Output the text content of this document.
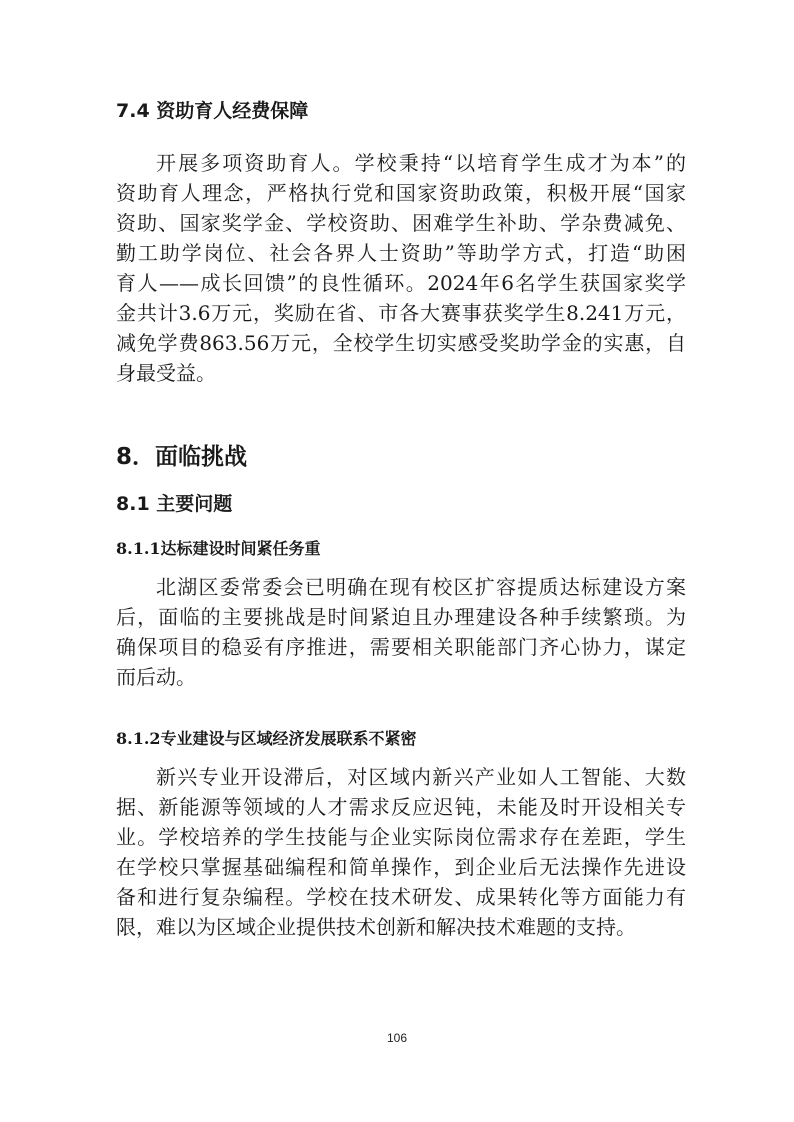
7.4 资助育人经费保障

开展多项资助育人。学校秉持“以培育学生成才为本”的
资助育人理念，严格执行党和国家资助政策，积极开展“国家
资助、国家奖学金、学校资助、困难学生补助、学杂费减免、
勤工助学岗位、社会各界人士资助”等助学方式，打造“助困
育人——成长回馈”的良性循环。2024年6名学生获国家奖学
金共计3.6万元，奖励在省、市各大赛事获奖学生8.241万元，
减免学费863.56万元，全校学生切实感受奖助学金的实惠，自
身最受益。

8．面临挑战
8.1 主要问题
8.1.1达标建设时间紧任务重

北湖区委常委会已明确在现有校区扩容提质达标建设方案
后，面临的主要挑战是时间紧迫且办理建设各种手续繁琐。为
确保项目的稳妥有序推进，需要相关职能部门齐心协力，谋定
而后动。

8.1.2专业建设与区域经济发展联系不紧密

新兴专业开设滞后，对区域内新兴产业如人工智能、大数
据、新能源等领域的人才需求反应迟钝，未能及时开设相关专
业。学校培养的学生技能与企业实际岗位需求存在差距，学生
在学校只掌握基础编程和简单操作，到企业后无法操作先进设
备和进行复杂编程。学校在技术研发、成果转化等方面能力有
限，难以为区域企业提供技术创新和解决技术难题的支持。

106
